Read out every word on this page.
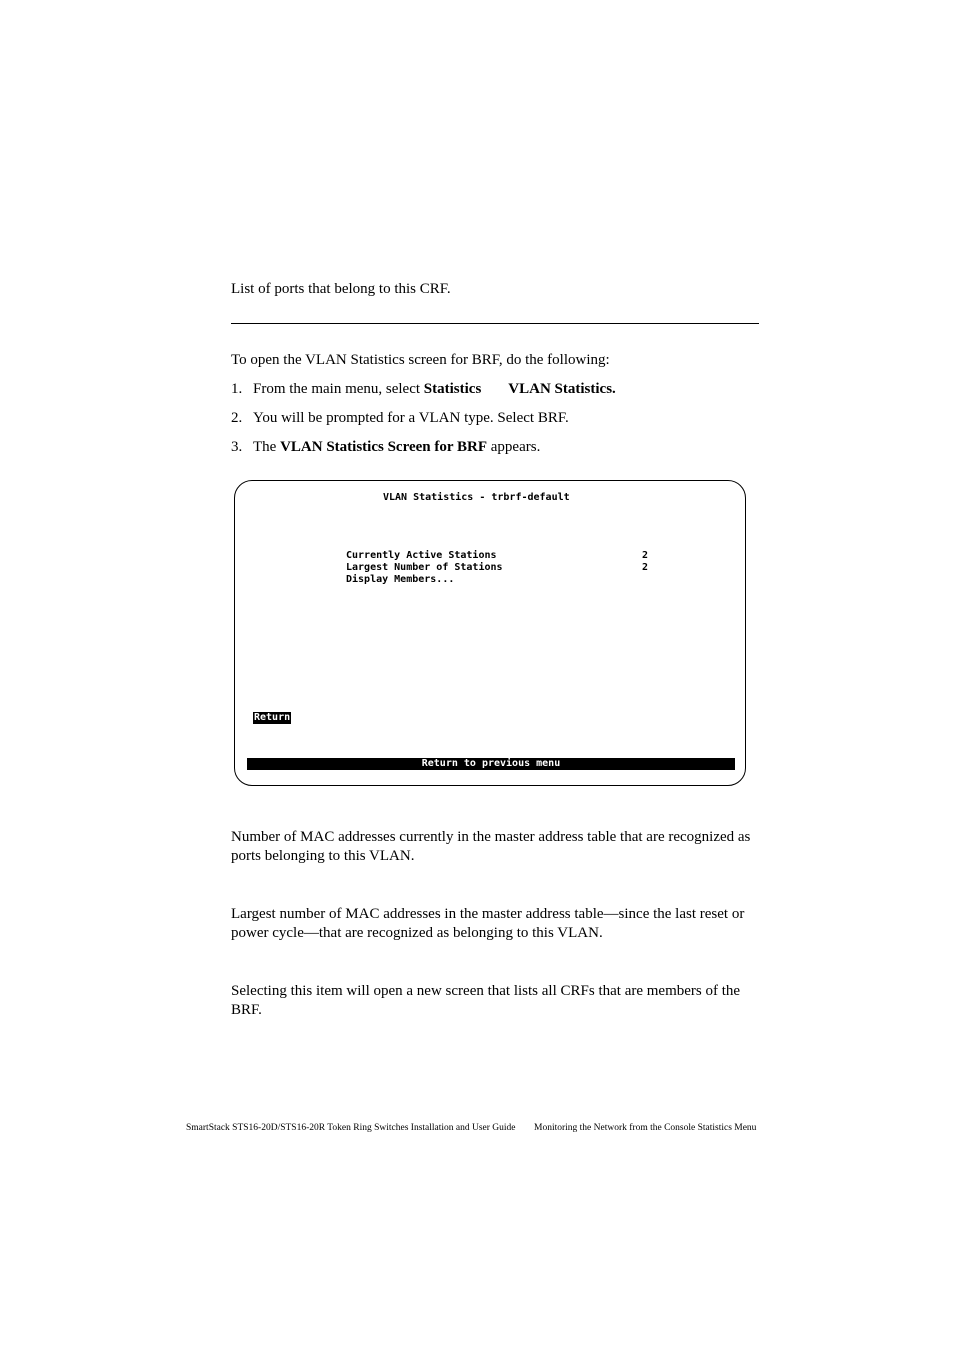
List of ports that belong to this CRF.
To open the VLAN Statistics screen for BRF, do the following:
1. From the main menu, select Statistics VLAN Statistics.
2. You will be prompted for a VLAN type. Select BRF.
3. The VLAN Statistics Screen for BRF appears.
VLAN Statistics - trbrf-default
Currently Active Stations	2
Largest Number of Stations	2
Display Members...
Return
Return to previous menu
Number of MAC addresses currently in the master address table that are recognized as ports belonging to this VLAN.
Largest number of MAC addresses in the master address table—since the last reset or power cycle—that are recognized as belonging to this VLAN.
Selecting this item will open a new screen that lists all CRFs that are members of the BRF.
SmartStack STS16-20D/STS16-20R Token Ring Switches Installation and User Guide Monitoring the Network from the Console Statistics Menu
